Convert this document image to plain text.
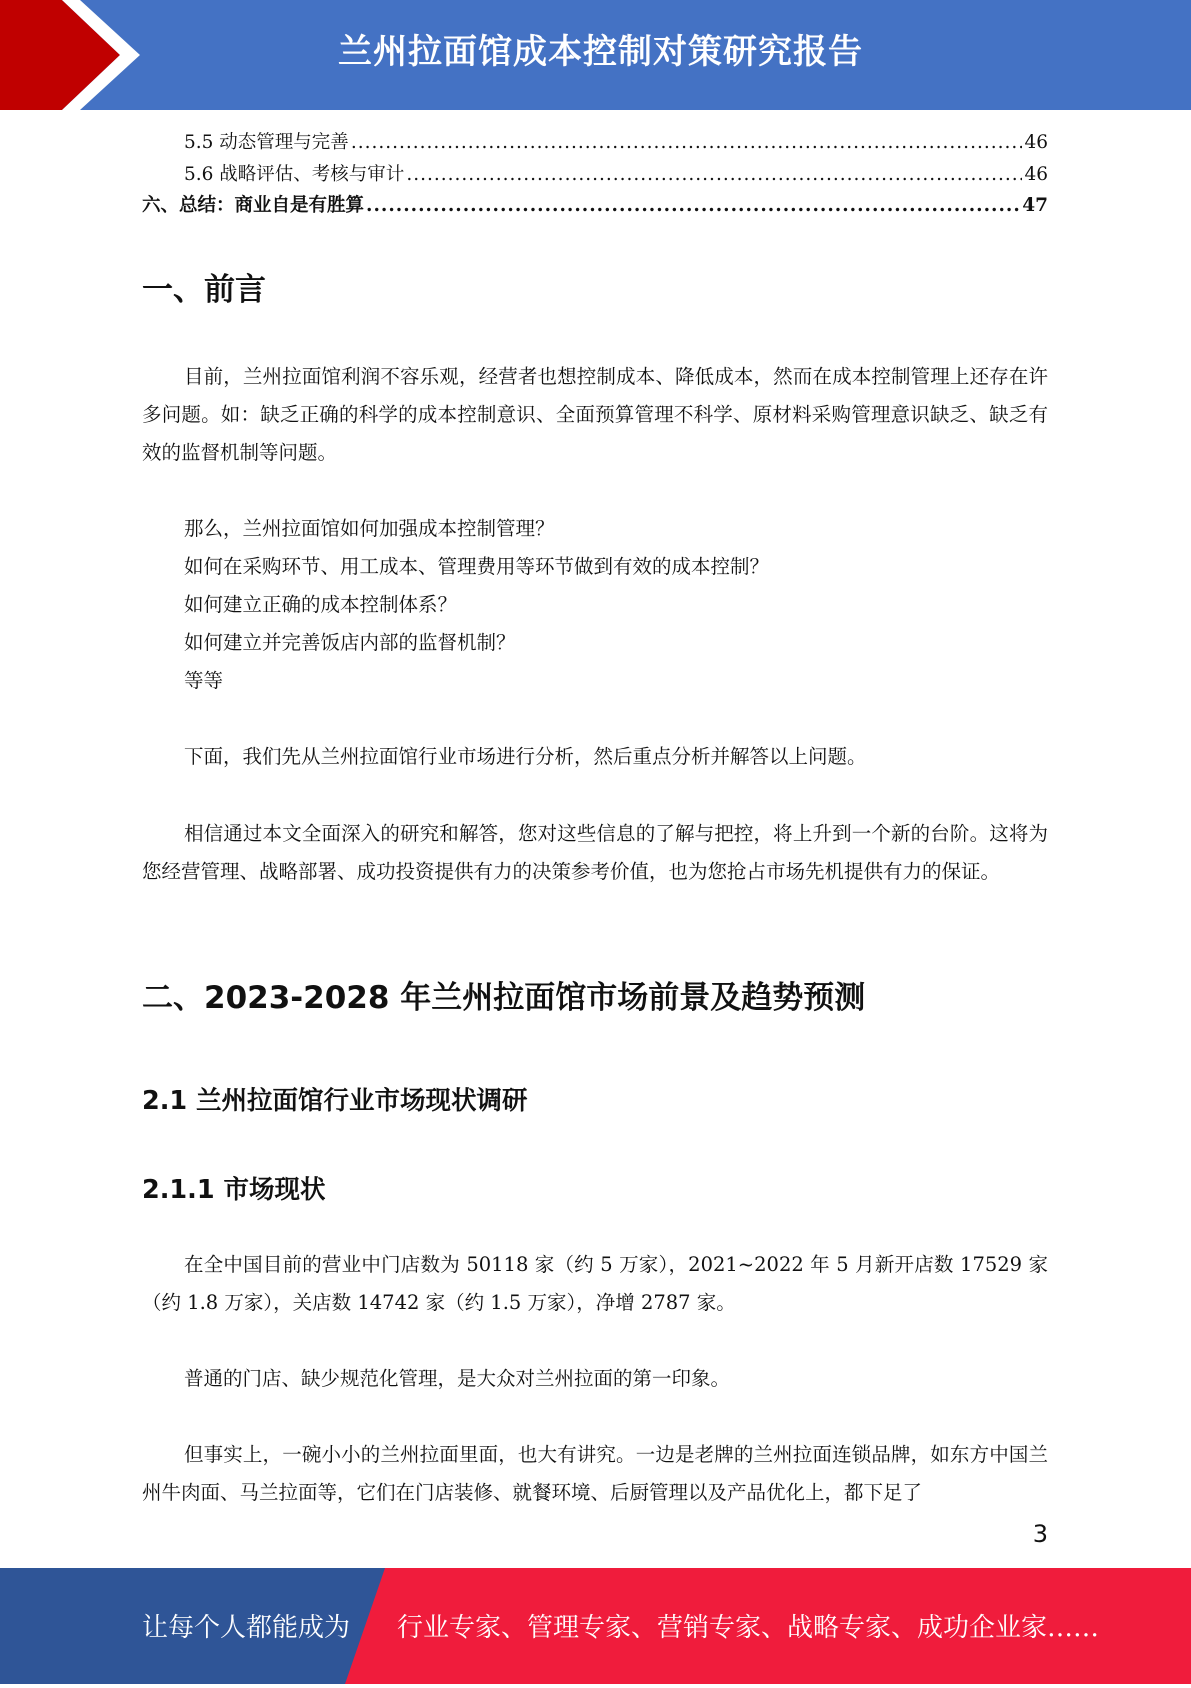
兰州拉面馆成本控制对策研究报告
5.5 动态管理与完善 .....	46
5.6 战略评估、考核与审计 .....	46
六、总结：商业自是有胜算 .....	47
一、前言

目前，兰州拉面馆利润不容乐观，经营者也想控制成本、降低成本，然而在成本控制管理上还存在许多问题。如：缺乏正确的科学的成本控制意识、全面预算管理不科学、原材料采购管理意识缺乏、缺乏有效的监督机制等问题。

那么，兰州拉面馆如何加强成本控制管理？
如何在采购环节、用工成本、管理费用等环节做到有效的成本控制？
如何建立正确的成本控制体系？
如何建立并完善饭店内部的监督机制？
等等

下面，我们先从兰州拉面馆行业市场进行分析，然后重点分析并解答以上问题。

相信通过本文全面深入的研究和解答，您对这些信息的了解与把控，将上升到一个新的台阶。这将为您经营管理、战略部署、成功投资提供有力的决策参考价值，也为您抢占市场先机提供有力的保证。

二、2023-2028 年兰州拉面馆市场前景及趋势预测
2.1 兰州拉面馆行业市场现状调研
2.1.1 市场现状

在全中国目前的营业中门店数为 50118 家（约 5 万家），2021~2022 年 5 月新开店数 17529 家（约 1.8 万家），关店数 14742 家（约 1.5 万家），净增 2787 家。

普通的门店、缺少规范化管理，是大众对兰州拉面的第一印象。

但事实上，一碗小小的兰州拉面里面，也大有讲究。一边是老牌的兰州拉面连锁品牌，如东方中国兰州牛肉面、马兰拉面等，它们在门店装修、就餐环境、后厨管理以及产品优化上，都下足了

3
让每个人都能成为 行业专家、管理专家、营销专家、战略专家、成功企业家……
